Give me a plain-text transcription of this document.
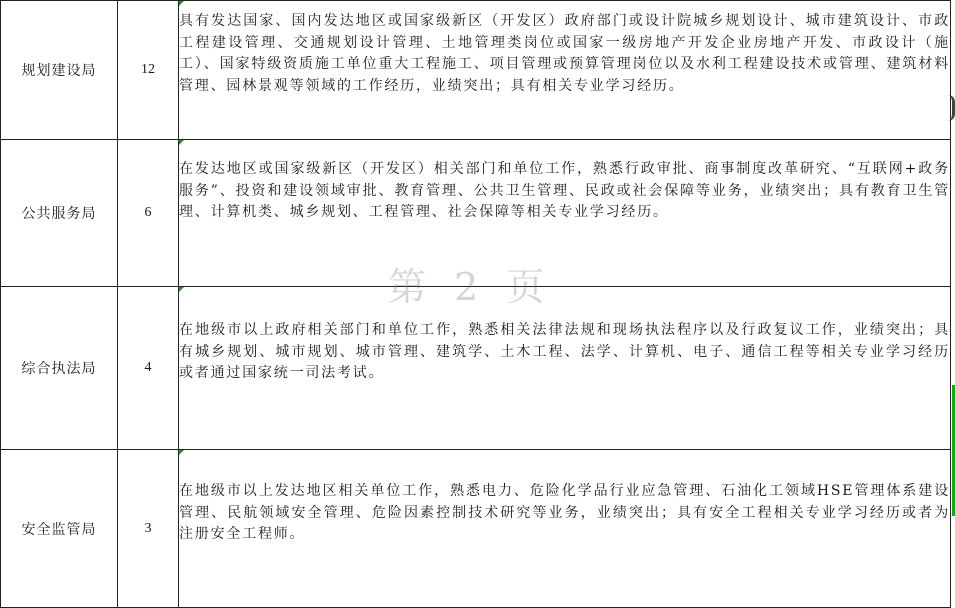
规划建设局	12	具有发达国家、国内发达地区或国家级新区（开发区）政府部门或设计院城乡规划设计、城市建筑设计、市政工程建设管理、交通规划设计管理、土地管理类岗位或国家一级房地产开发企业房地产开发、市政设计（施工）、国家特级资质施工单位重大工程施工、项目管理或预算管理岗位以及水利工程建设技术或管理、建筑材料管理、园林景观等领域的工作经历，业绩突出；具有相关专业学习经历。
公共服务局	6	在发达地区或国家级新区（开发区）相关部门和单位工作，熟悉行政审批、商事制度改革研究、“互联网+政务服务”、投资和建设领域审批、教育管理、公共卫生管理、民政或社会保障等业务，业绩突出；具有教育卫生管理、计算机类、城乡规划、工程管理、社会保障等相关专业学习经历。
综合执法局	4	在地级市以上政府相关部门和单位工作，熟悉相关法律法规和现场执法程序以及行政复议工作，业绩突出；具有城乡规划、城市规划、城市管理、建筑学、土木工程、法学、计算机、电子、通信工程等相关专业学习经历或者通过国家统一司法考试。
安全监管局	3	在地级市以上发达地区相关单位工作，熟悉电力、危险化学品行业应急管理、石油化工领域HSE管理体系建设管理、民航领域安全管理、危险因素控制技术研究等业务，业绩突出；具有安全工程相关专业学习经历或者为注册安全工程师。
第 2 页
